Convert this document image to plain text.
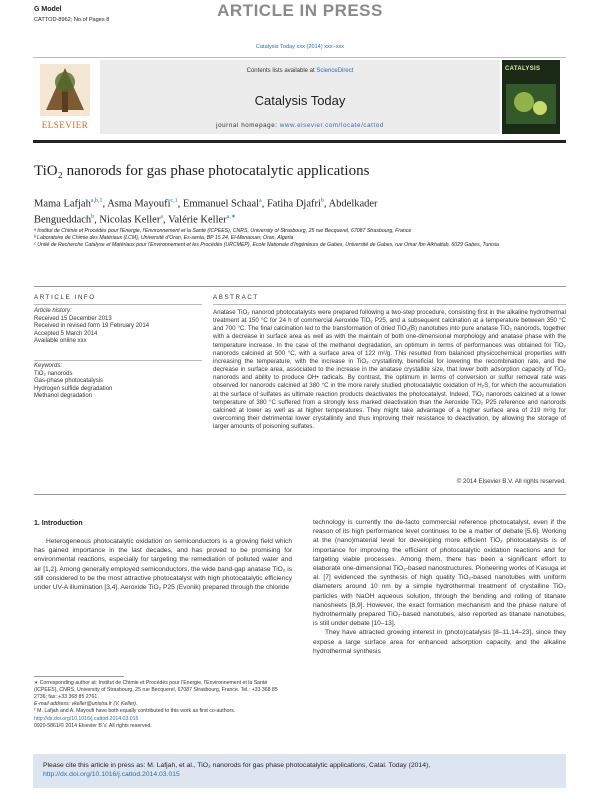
ARTICLE IN PRESS
G Model
CATTOD-8962; No.of Pages 8
Catalysis Today xxx (2014) xxx–xxx
ELSEVIER
Contents lists available at ScienceDirect
Catalysis Today
journal homepage: www.elsevier.com/locate/cattod
CATALYSIS
TiO₂ nanorods for gas phase photocatalytic applications
Mama Lafjah$^{a,b,1}$, Asma Mayoufi$^{c,1}$, Emmanuel Schaal$^a$, Fatiha Djafri$^b$, Abdelkader
Bengueddach$^b$, Nicolas Keller$^a$, Valérie Keller$^{a,∗}$
ᵃ Institut de Chimie et Procédés pour l'Energie, l'Environnement et la Santé (ICPEES), CNRS, University of Strasbourg, 25 rue Becquerel, 67087 Strasbourg, France
ᵇ Laboratoire de Chimie des Matériaux (LCM), Université d'Oran, Es-senia, BP 15 24, El-Menaouer, Oran, Algeria
ᶜ Unité de Recherche Catalyse et Matériaux pour l'Environnement et les Procédés (URCMEP), Ecole Nationale d'Ingénieurs de Gabes, Université de Gabes, rue Omar Ibn Alkhattab, 6029 Gabes, Tunisia
ARTICLE INFO	ABSTRACT
Article history:
Received 15 December 2013
Received in revised form 19 February 2014
Accepted 5 March 2014
Available online xxx
Keywords:
TiO₂ nanorods
Gas-phase photocatalysis
Hydrogen sulfide degradation
Methanol degradation
Anatase TiO₂ nanorod photocatalysts were prepared following a two-step procedure, consisting first in the alkaline hydrothermal treatment at 150 °C for 24 h of commercial Aeroxide TiO₂ P25, and a subsequent calcination at a temperature between 350 °C and 700 °C. The final calcination led to the transformation of dried TiO₂(B) nanotubes into pure anatase TiO₂ nanorods, together with a decrease in surface area as well as with the maintain of both one-dimensional morphology and anatase phase with the temperature increase. In the case of the methanol degradation, an optimum in terms of performances was obtained for TiO₂ nanorods calcined at 500 °C, with a surface area of 122 m²/g. This resulted from balanced physicochemical properties with increasing the temperature, with the increase in TiO₂ crystallinity, beneficial for lowering the recombination rate, and the decrease in surface area, associated to the increase in the anatase crystallite size, that lower both adsorption capacity of TiO₂ nanorods and ability to produce OH• radicals. By contrast, the optimum in terms of conversion or sulfur removal rate was observed for nanorods calcined at 380 °C in the more rarely studied photocatalytic oxidation of H₂S, for which the accumulation at the surface of sulfates as ultimate reaction products deactivates the photocatalyst. Indeed, TiO₂ nanorods calcined at a lower temperature of 380 °C suffered from a strongly less marked deactivation than the Aeroxide TiO₂ P25 reference and nanorods calcined at lower as well as at higher temperatures. They might take advantage of a higher surface area of 219 m²/g for overcoming their detrimental lower crystallinity and thus improving their resistance to deactivation, by allowing the storage of larger amounts of poisoning sulfates.
© 2014 Elsevier B.V. All rights reserved.
1. Introduction
Heterogeneous photocatalytic oxidation on semiconductors is a growing field which has gained importance in the last decades, and has proved to be promising for environmental reactions, especially for targeting the remediation of polluted water and air [1,2]. Among generally employed semiconductors, the wide band-gap anatase TiO₂ is still considered to be the most attractive photocatalyst with high photocatalytic efficiency under UV-A illumination [3,4]. Aeroxide TiO₂ P25 (Evonik) prepared through the chloride
technology is currently the de-facto commercial reference photocatalyst, even if the reason of its high performance level continues to be a matter of debate [5,6]. Working at the (nano)material level for developing more efficient TiO₂ photocatalysts is of importance for improving the efficient of photocatalytic oxidation reactions and for targeting viable processes. Among them, there has been a significant effort to elaborate one-dimensional TiO₂-based nanostructures. Pioneering works of Kasuga et al. [7] evidenced the synthesis of high quality TiO₂-based nanotubes with uniform diameters around 10 nm by a simple hydrothermal treatment of crystalline TiO₂ particles with NaOH aqueous solution, through the bending and rolling of titanate nanosheets [8,9]. However, the exact formation mechanism and the phase nature of hydrothermally prepared TiO₂-based nanotubes, also reported as titanate nanotubes, is still under debate [10–13].
They have attracted growing interest in (photo)catalysis [8–11,14–23], since they expose a large surface area for enhanced adsorption capacity, and the alkaline hydrothermal synthesis
∗ Corresponding author at: Institut de Chimie et Procédés pour l'Energie, l'Environnement et la Santé (ICPEES), CNRS, University of Strasbourg, 25 rue Becquerel, 67087 Strasbourg, France. Tel.: +33 368 85 2736; fax: +33 368 85 2761.
E-mail address: vkeller@unistra.fr (V. Keller).
¹ M. Lafjah and A. Mayoufi have both equally contributed to this work as first co-authors.
http://dx.doi.org/10.1016/j.cattod.2014.03.015
0920-5861/© 2014 Elsevier B.V. All rights reserved.
Please cite this article in press as: M. Lafjah, et al., TiO₂ nanorods for gas phase photocatalytic applications, Catal. Today (2014),
http://dx.doi.org/10.1016/j.cattod.2014.03.015
